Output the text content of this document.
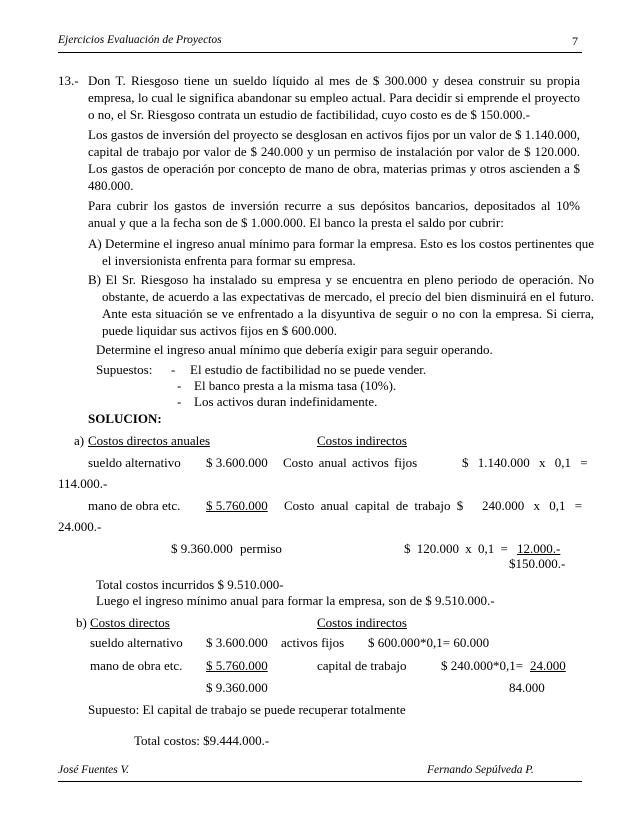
Ejercicios Evaluación de Proyectos	7
13.- Don T. Riesgoso tiene un sueldo líquido al mes de $ 300.000 y desea construir su propia empresa, lo cual le significa abandonar su empleo actual. Para decidir si emprende el proyecto o no, el Sr. Riesgoso contrata un estudio de factibilidad, cuyo costo es de $ 150.000.-
Los gastos de inversión del proyecto se desglosan en activos fijos por un valor de $ 1.140.000, capital de trabajo por valor de $ 240.000 y un permiso de instalación por valor de $ 120.000. Los gastos de operación por concepto de mano de obra, materias primas y otros ascienden a $ 480.000.
Para cubrir los gastos de inversión recurre a sus depósitos bancarios, depositados al 10% anual y que a la fecha son de $ 1.000.000. El banco la presta el saldo por cubrir:
A) Determine el ingreso anual mínimo para formar la empresa. Esto es los costos pertinentes que el inversionista enfrenta para formar su empresa.
B) El Sr. Riesgoso ha instalado su empresa y se encuentra en pleno periodo de operación. No obstante, de acuerdo a las expectativas de mercado, el precio del bien disminuirá en el futuro. Ante esta situación se ve enfrentado a la disyuntiva de seguir o no con la empresa. Si cierra, puede liquidar sus activos fijos en $ 600.000.
Determine el ingreso anual mínimo que debería exigir para seguir operando.
Supuestos: - El estudio de factibilidad no se puede vender.
- El banco presta a la misma tasa (10%).
- Los activos duran indefinidamente.
SOLUCION:
a) Costos directos anuales	Costos indirectos
sueldo alternativo $ 3.600.000 Costo anual activos fijos	$ 1.140.000 x 0,1 =
114.000.-
mano de obra etc. $ 5.760.000 Costo anual capital de trabajo $ 240.000 x 0,1 =
24.000.-
$ 9.360.000 permiso	$ 120.000 x 0,1 = 12.000.-
$150.000.-
Total costos incurridos $ 9.510.000-
Luego el ingreso mínimo anual para formar la empresa, son de $ 9.510.000.-
b) Costos directos	Costos indirectos
sueldo alternativo $ 3.600.000 activos fijos $ 600.000*0,1= 60.000
mano de obra etc. $ 5.760.000	capital de trabajo	$ 240.000*0,1= 24.000
$ 9.360.000	84.000
Supuesto: El capital de trabajo se puede recuperar totalmente
Total costos: $9.444.000.-
José Fuentes V.	Fernando Sepúlveda P.
